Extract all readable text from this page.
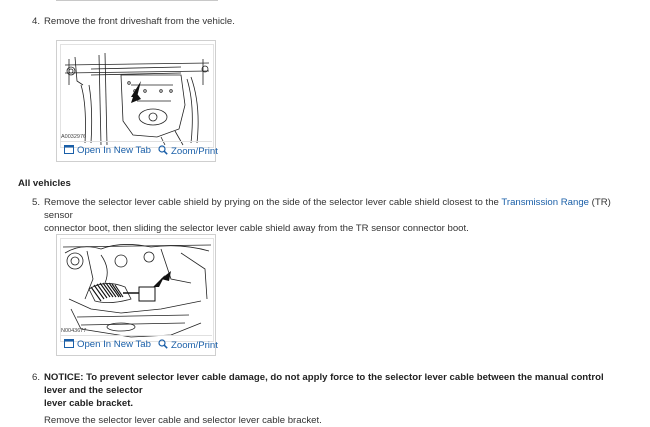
4. Remove the front driveshaft from the vehicle.
A0032976
Open In New Tab	Zoom/Print
All vehicles
5. Remove the selector lever cable shield by prying on the side of the selector lever cable shield closest to the Transmission Range (TR) sensor
connector boot, then sliding the selector lever cable shield away from the TR sensor connector boot.
N0043677
Open In New Tab	Zoom/Print
6. NOTICE: To prevent selector lever cable damage, do not apply force to the selector lever cable between the manual control lever and the selector
lever cable bracket.
Remove the selector lever cable and selector lever cable bracket.
